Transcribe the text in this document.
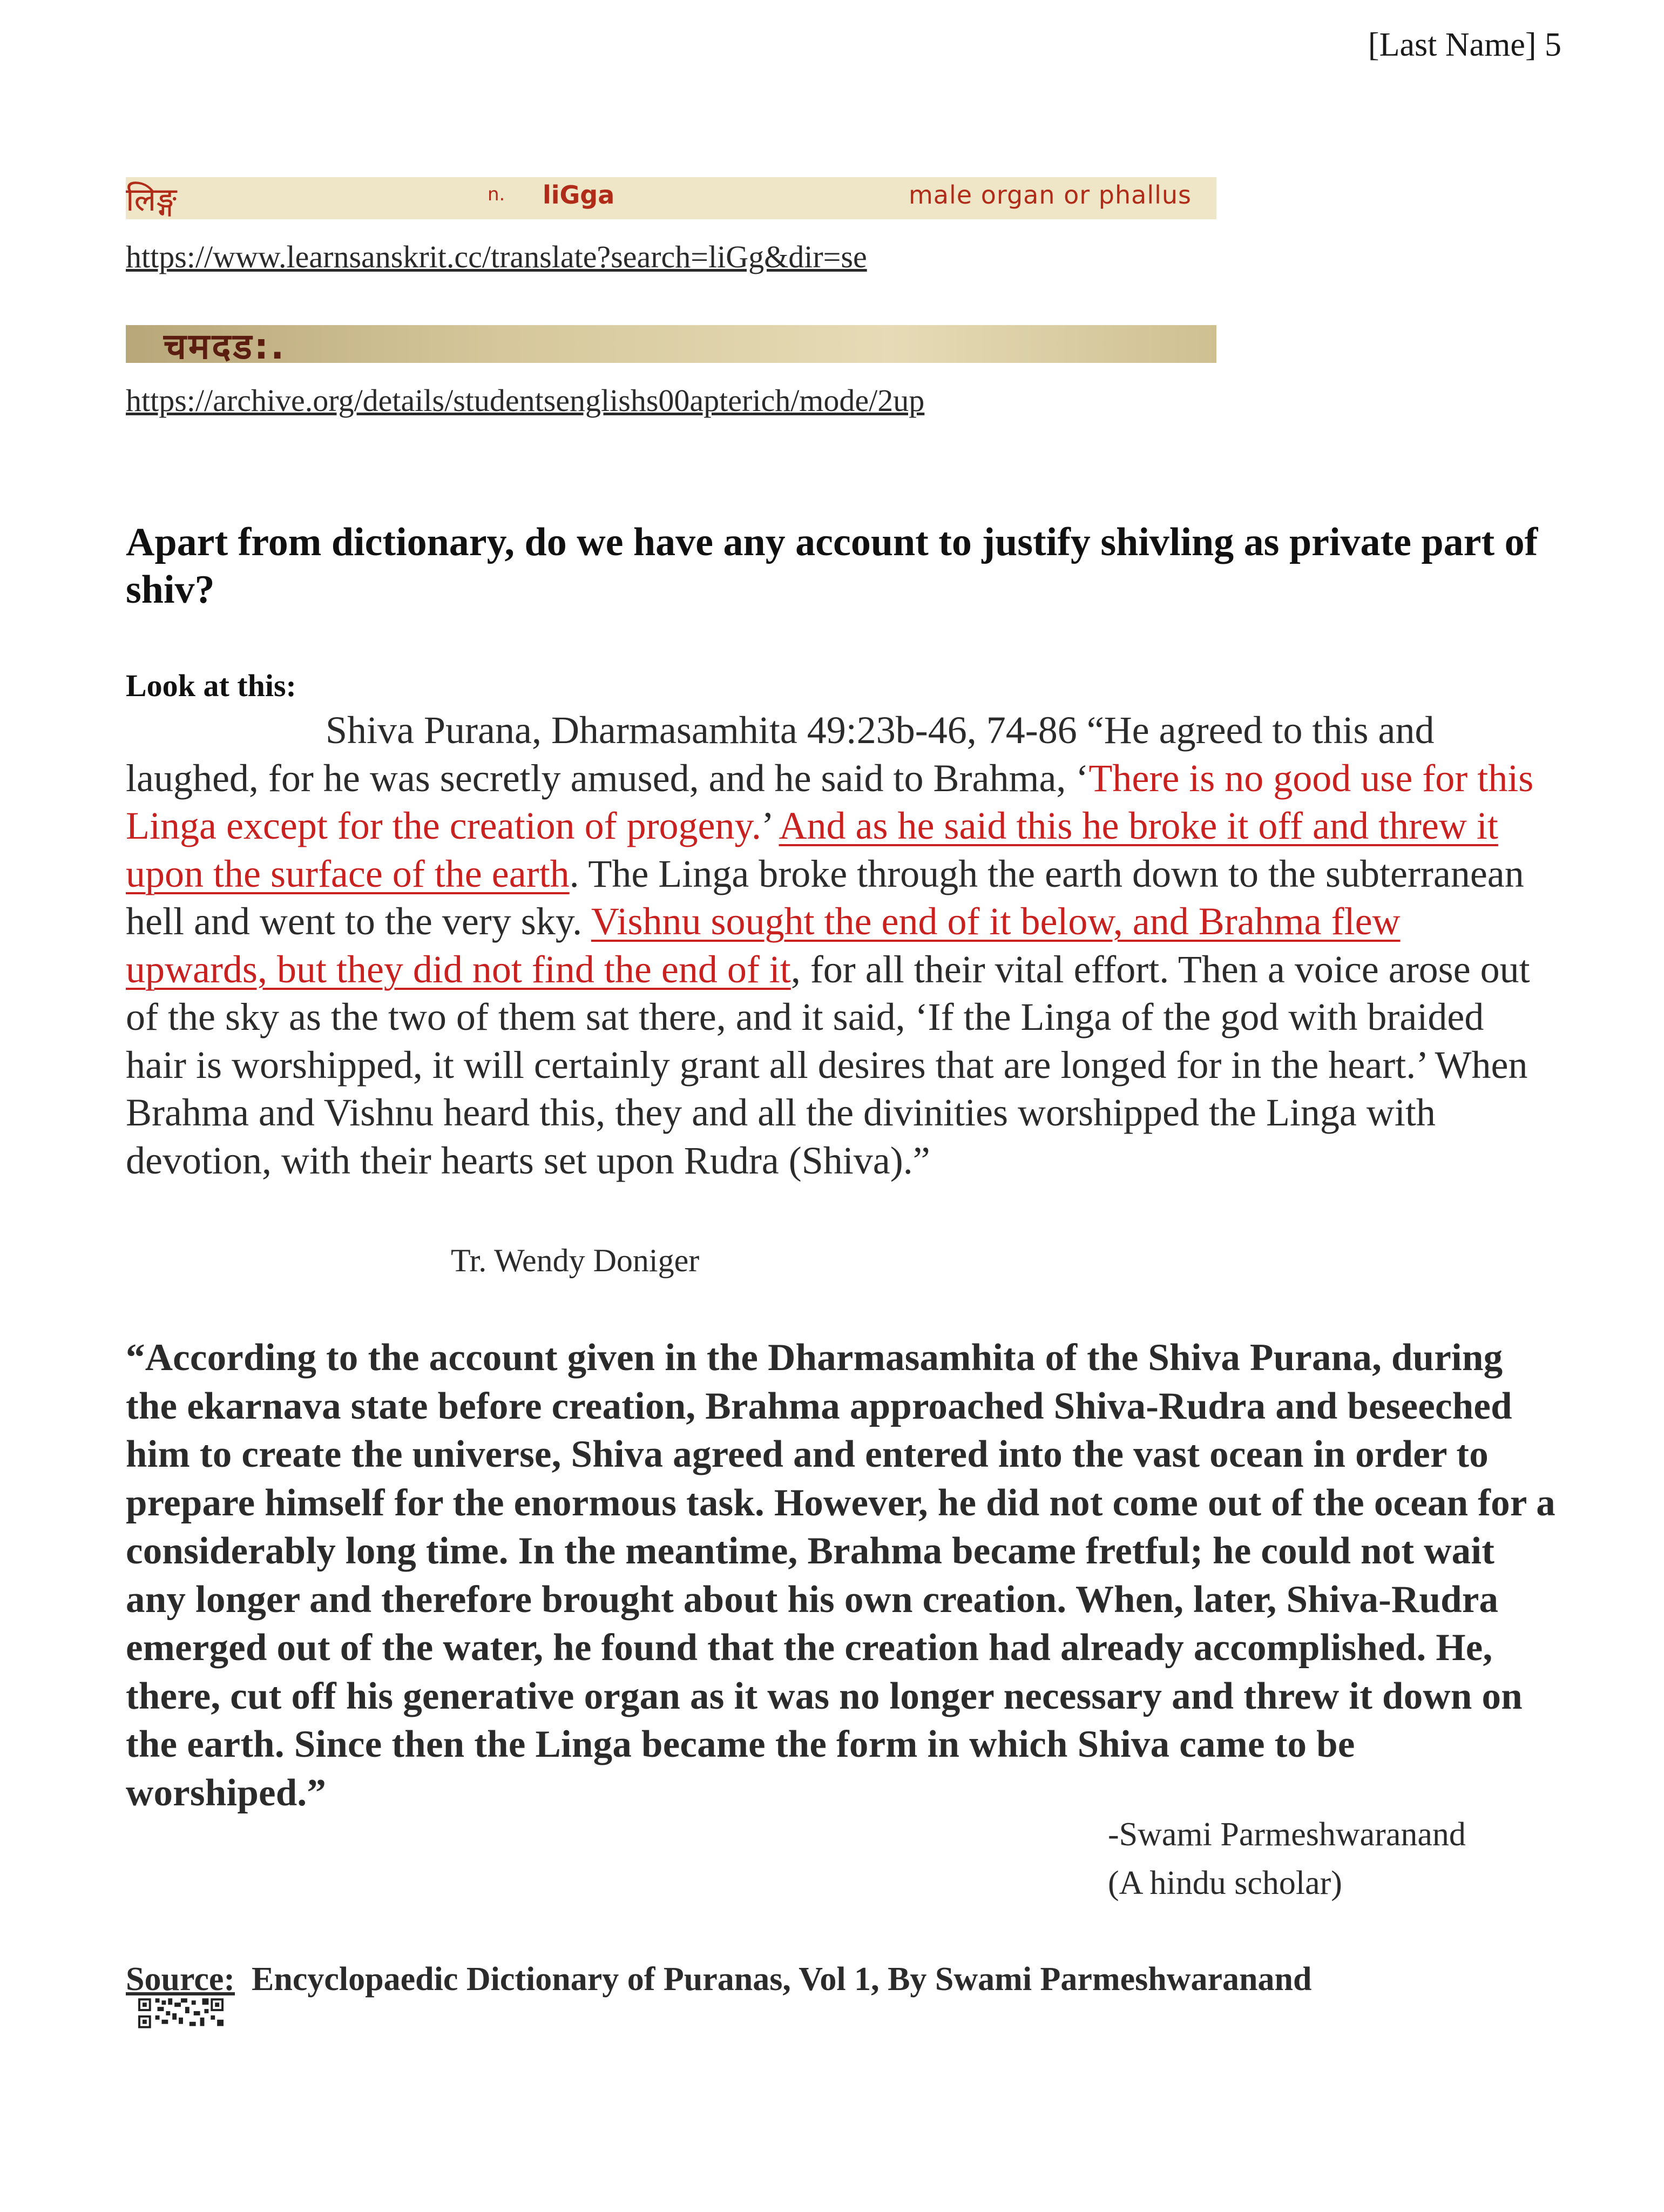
[Last Name] 5
लिङ्ग	n. liGga	male organ or phallus
https://www.learnsanskrit.cc/translate?search=liGg&dir=se
चमदड:.
https://archive.org/details/studentsenglishs00apterich/mode/2up
Apart from dictionary, do we have any account to justify shivling as private part of shiv?
Look at this:
Shiva Purana, Dharmasamhita 49:23b-46, 74-86 “He agreed to this and laughed, for he was secretly amused, and he said to Brahma, ‘There is no good use for this Linga except for the creation of progeny.’ And as he said this he broke it off and threw it upon the surface of the earth. The Linga broke through the earth down to the subterranean hell and went to the very sky. Vishnu sought the end of it below, and Brahma flew upwards, but they did not find the end of it, for all their vital effort. Then a voice arose out of the sky as the two of them sat there, and it said, ‘If the Linga of the god with braided hair is worshipped, it will certainly grant all desires that are longed for in the heart.’ When Brahma and Vishnu heard this, they and all the divinities worshipped the Linga with devotion, with their hearts set upon Rudra (Shiva).”
Tr. Wendy Doniger
“According to the account given in the Dharmasamhita of the Shiva Purana, during the ekarnava state before creation, Brahma approached Shiva-Rudra and beseeched him to create the universe, Shiva agreed and entered into the vast ocean in order to prepare himself for the enormous task. However, he did not come out of the ocean for a considerably long time. In the meantime, Brahma became fretful; he could not wait any longer and therefore brought about his own creation. When, later, Shiva-Rudra emerged out of the water, he found that the creation had already accomplished. He, there, cut off his generative organ as it was no longer necessary and threw it down on the earth. Since then the Linga became the form in which Shiva came to be worshiped.”
-Swami Parmeshwaranand
(A hindu scholar)
Source: Encyclopaedic Dictionary of Puranas, Vol 1, By Swami Parmeshwaranand
